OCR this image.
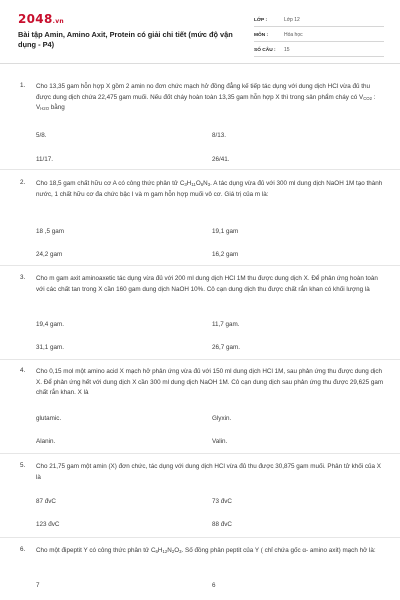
2048.vn
Bài tập Amin, Amino Axit, Protein có giải chi tiết (mức độ vận dụng - P4)
LỚP :	Lớp 12
MÔN :	Hóa học
SỐ CÂU :	15
1. Cho 13,35 gam hỗn hợp X gồm 2 amin no đơn chức mạch hở đồng đẳng kế tiếp tác dụng với dung dịch HCl vừa đủ thu được dung dịch chứa 22,475 gam muối. Nếu đốt cháy hoàn toàn 13,35 gam hỗn hợp X thì trong sản phẩm cháy có $V_{CO2}$ : $V_{H2O}$ bằng
5/8.	8/13.
11/17.	26/41.
2. Cho 18,5 gam chất hữu cơ A có công thức phân tử $C_3H_{11}O_6N_3$. A tác dụng vừa đủ với 300 ml dung dịch NaOH 1M tạo thành nước, 1 chất hữu cơ đa chức bậc I và m gam hỗn hợp muối vô cơ. Giá trị của m là:
18 ,5 gam	19,1 gam
24,2 gam	16,2 gam
3. Cho m gam axit aminoaxetic tác dụng vừa đủ với 200 ml dung dịch HCl 1M thu được dung dịch X. Để phản ứng hoàn toàn với các chất tan trong X cần 160 gam dung dịch NaOH 10%. Cô cạn dung dịch thu được chất rắn khan có khối lượng là
19,4 gam.	11,7 gam.
31,1 gam.	26,7 gam.
4. Cho 0,15 mol một amino acid X mạch hở phản ứng vừa đủ với 150 ml dung dịch HCl 1M, sau phản ứng thu được dung dịch X. Để phản ứng hết với dung dịch X cần 300 ml dung dịch NaOH 1M. Cô cạn dung dịch sau phản ứng thu được 29,625 gam chất rắn khan. X là
glutamic.	Glyxin.
Alanin.	Valin.
5. Cho 21,75 gam một amin (X) đơn chức, tác dụng với dung dịch HCl vừa đủ thu được 30,875 gam muối. Phân tử khối của X là
87 đvC	73 đvC
123 đvC	88 đvC
6. Cho một đipeptit Y có công thức phân tử $C_6H_{12}N_2O_3$. Số đồng phân peptit của Y ( chỉ chứa gốc α- amino axit) mạch hở là:
7	6
